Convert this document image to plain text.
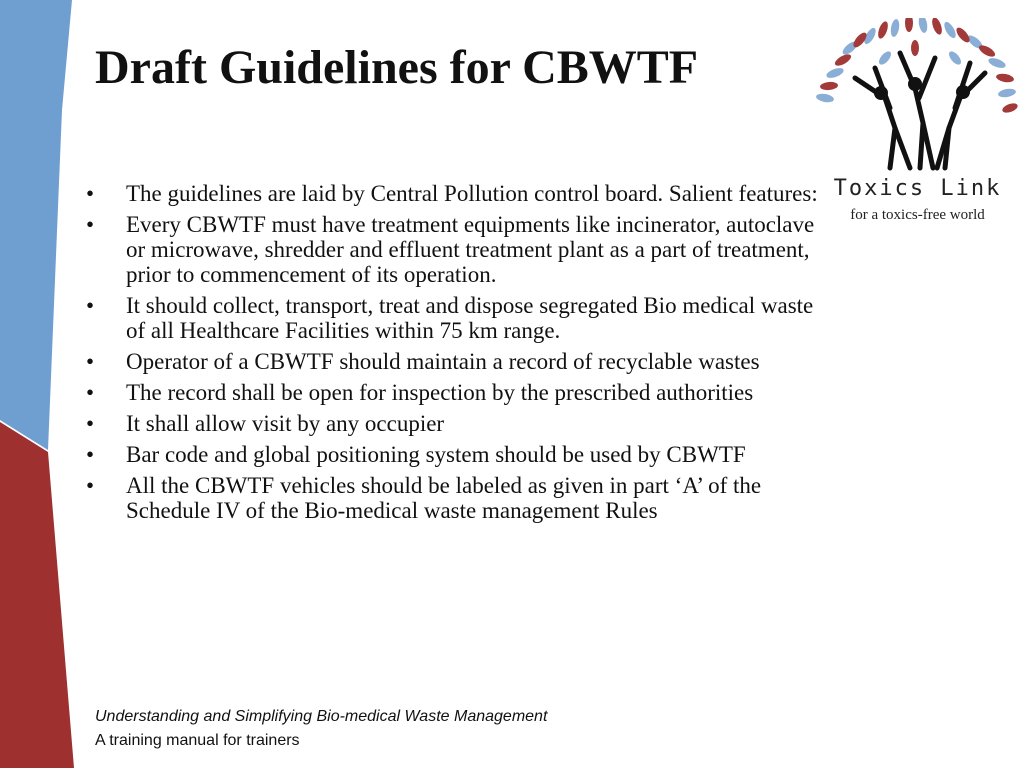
Draft Guidelines for CBWTF
Toxics Link
for a toxics-free world
• The guidelines are laid by Central Pollution control board. Salient features:
• Every CBWTF must have treatment equipments like incinerator, autoclave or microwave, shredder and effluent treatment plant as a part of treatment, prior to commencement of its operation.
• It should collect, transport, treat and dispose segregated Bio medical waste of all Healthcare Facilities within 75 km range.
• Operator of a CBWTF should maintain a record of recyclable wastes
• The record shall be open for inspection by the prescribed authorities
• It shall allow visit by any occupier
• Bar code and global positioning system should be used by CBWTF
• All the CBWTF vehicles should be labeled as given in part ‘A’ of the Schedule IV of the Bio-medical waste management Rules
Understanding and Simplifying Bio-medical Waste Management
A training manual for trainers
